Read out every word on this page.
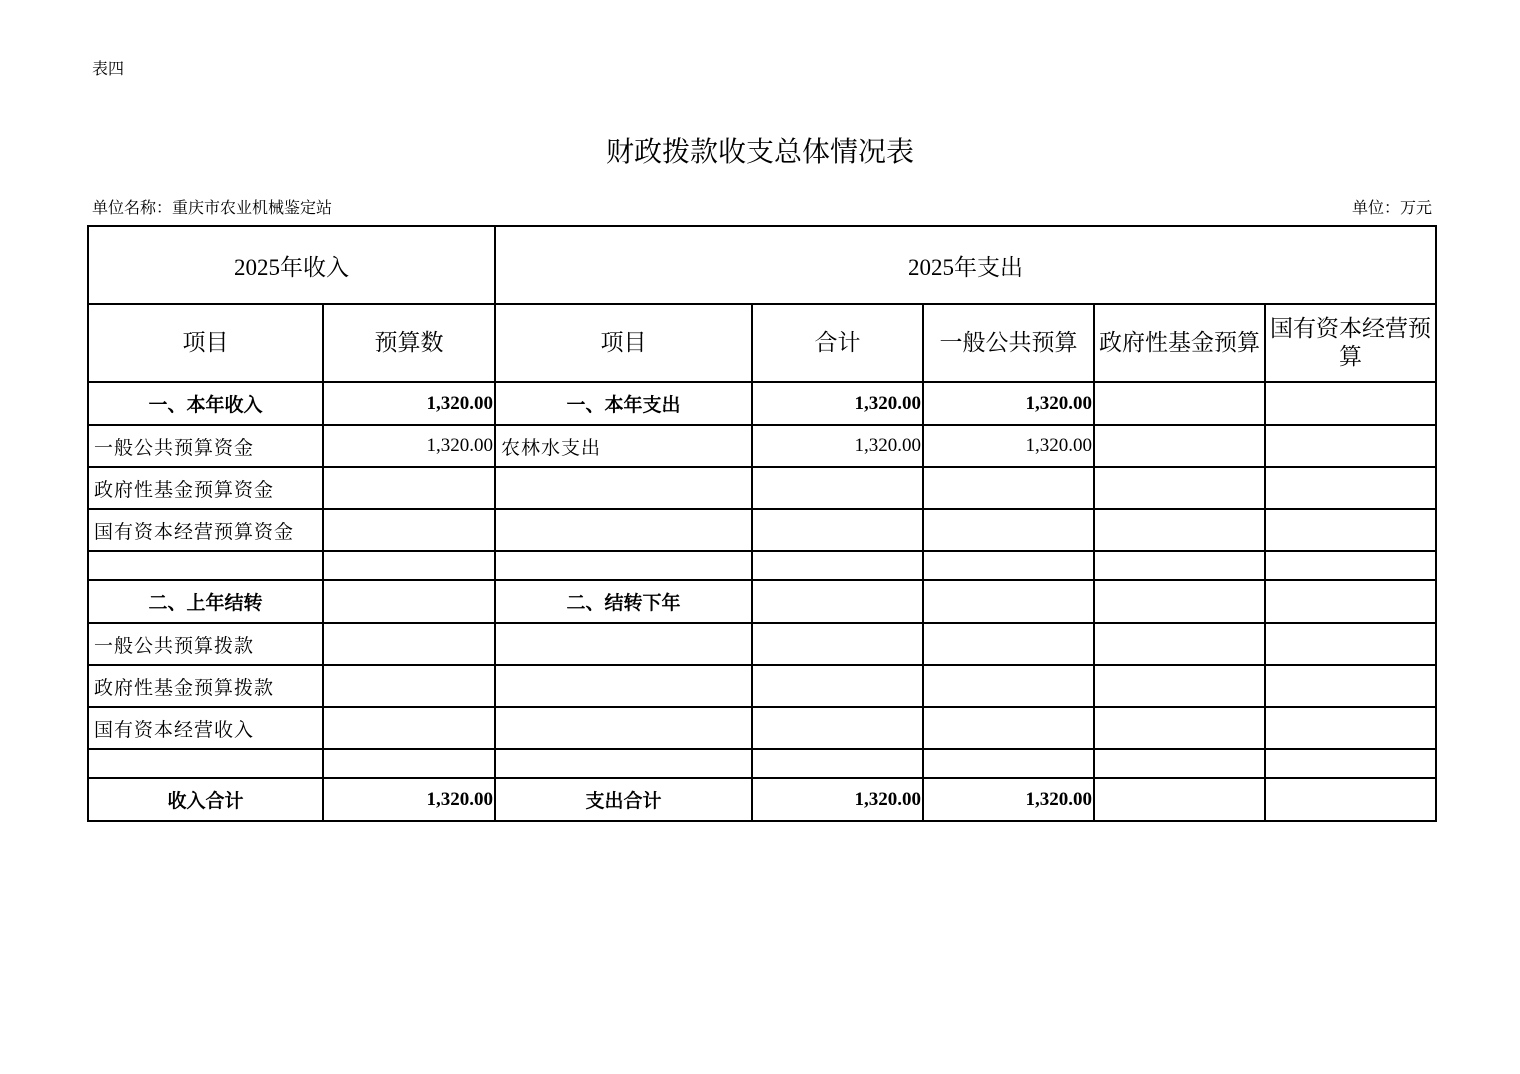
表四
财政拨款收支总体情况表
单位名称：重庆市农业机械鉴定站	单位：万元
2025年收入		2025年支出				
项目	预算数	项目	合计	一般公共预算	政府性基金预算	国有资本经营预算
一、本年收入	1,320.00	一、本年支出	1,320.00	1,320.00		
一般公共预算资金	1,320.00	农林水支出	1,320.00	1,320.00		
政府性基金预算资金						
国有资本经营预算资金						

二、上年结转		二、结转下年				
一般公共预算拨款						
政府性基金预算拨款						
国有资本经营收入						

收入合计	1,320.00	支出合计	1,320.00	1,320.00		
